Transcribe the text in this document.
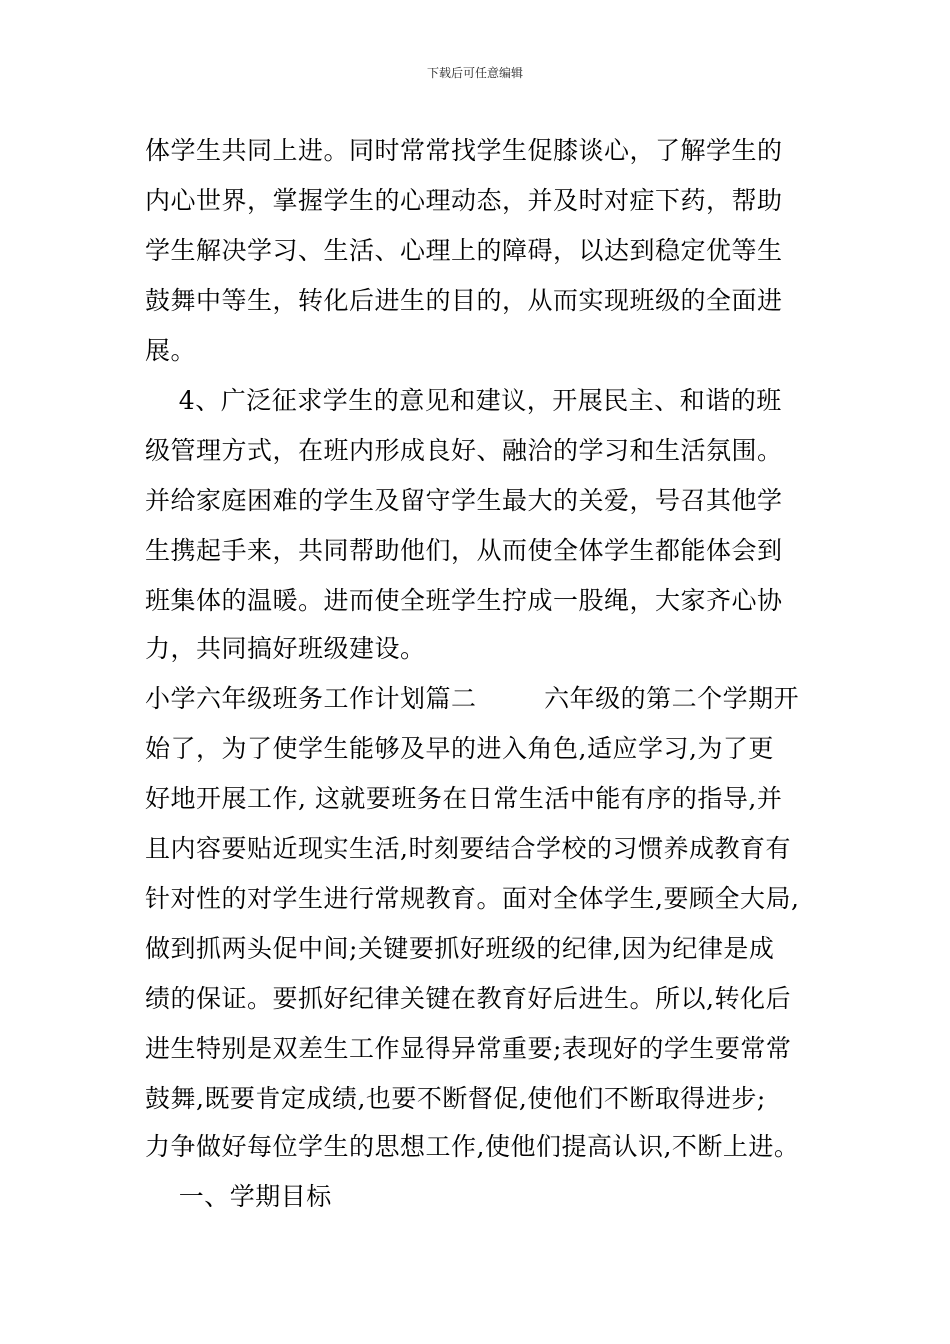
下载后可任意编辑
体学生共同上进。同时常常找学生促膝谈心，了解学生的
内心世界，掌握学生的心理动态，并及时对症下药，帮助
学生解决学习、生活、心理上的障碍，以达到稳定优等生
鼓舞中等生，转化后进生的目的，从而实现班级的全面进
展。
4、广泛征求学生的意见和建议，开展民主、和谐的班
级管理方式，在班内形成良好、融洽的学习和生活氛围。
并给家庭困难的学生及留守学生最大的关爱，号召其他学
生携起手来，共同帮助他们，从而使全体学生都能体会到
班集体的温暖。进而使全班学生拧成一股绳，大家齐心协
力，共同搞好班级建设。
小学六年级班务工作计划篇二        六年级的第二个学期开
始了，为了使学生能够及早的进入角色,适应学习,为了更
好地开展工作, 这就要班务在日常生活中能有序的指导,并
且内容要贴近现实生活,时刻要结合学校的习惯养成教育有
针对性的对学生进行常规教育。面对全体学生,要顾全大局,
做到抓两头促中间;关键要抓好班级的纪律,因为纪律是成
绩的保证。要抓好纪律关键在教育好后进生。所以,转化后
进生特别是双差生工作显得异常重要;表现好的学生要常常
鼓舞,既要肯定成绩,也要不断督促,使他们不断取得进步;
力争做好每位学生的思想工作,使他们提高认识,不断上进。
一、学期目标
